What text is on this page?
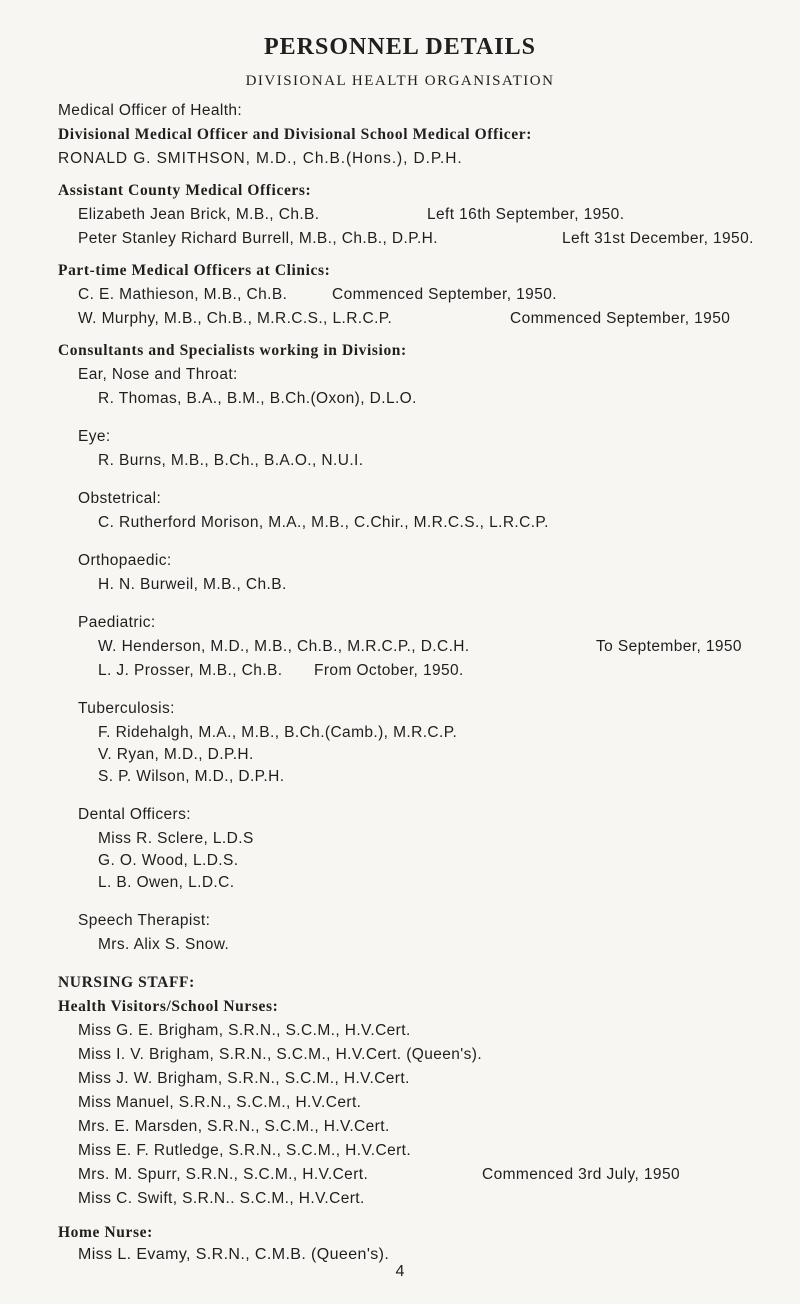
PERSONNEL DETAILS
DIVISIONAL HEALTH ORGANISATION
Medical Officer of Health:
Divisional Medical Officer and Divisional School Medical Officer:
RONALD G. SMITHSON, M.D., Ch.B.(Hons.), D.P.H.
Assistant County Medical Officers:
Elizabeth Jean Brick, M.B., Ch.B.	Left 16th September, 1950.
Peter Stanley Richard Burrell, M.B., Ch.B., D.P.H.	Left 31st December, 1950.
Part-time Medical Officers at Clinics:
C. E. Mathieson, M.B., Ch.B.	Commenced September, 1950.
W. Murphy, M.B., Ch.B., M.R.C.S., L.R.C.P.	Commenced September, 1950
Consultants and Specialists working in Division:
Ear, Nose and Throat:
R. Thomas, B.A., B.M., B.Ch.(Oxon), D.L.O.
Eye:
R. Burns, M.B., B.Ch., B.A.O., N.U.I.
Obstetrical:
C. Rutherford Morison, M.A., M.B., C.Chir., M.R.C.S., L.R.C.P.
Orthopaedic:
H. N. Burweil, M.B., Ch.B.
Paediatric:
W. Henderson, M.D., M.B., Ch.B., M.R.C.P., D.C.H.	To September, 1950
L. J. Prosser, M.B., Ch.B. From October, 1950.
Tuberculosis:
F. Ridehalgh, M.A., M.B., B.Ch.(Camb.), M.R.C.P.
V. Ryan, M.D., D.P.H.
S. P. Wilson, M.D., D.P.H.
Dental Officers:
Miss R. Sclere, L.D.S
G. O. Wood, L.D.S.
L. B. Owen, L.D.C.
Speech Therapist:
Mrs. Alix S. Snow.
NURSING STAFF:
Health Visitors/School Nurses:
Miss G. E. Brigham, S.R.N., S.C.M., H.V.Cert.
Miss I. V. Brigham, S.R.N., S.C.M., H.V.Cert. (Queen's).
Miss J. W. Brigham, S.R.N., S.C.M., H.V.Cert.
Miss Manuel, S.R.N., S.C.M., H.V.Cert.
Mrs. E. Marsden, S.R.N., S.C.M., H.V.Cert.
Miss E. F. Rutledge, S.R.N., S.C.M., H.V.Cert.
Mrs. M. Spurr, S.R.N., S.C.M., H.V.Cert.	Commenced 3rd July, 1950
Miss C. Swift, S.R.N.. S.C.M., H.V.Cert.
Home Nurse:
Miss L. Evamy, S.R.N., C.M.B. (Queen's).
4
